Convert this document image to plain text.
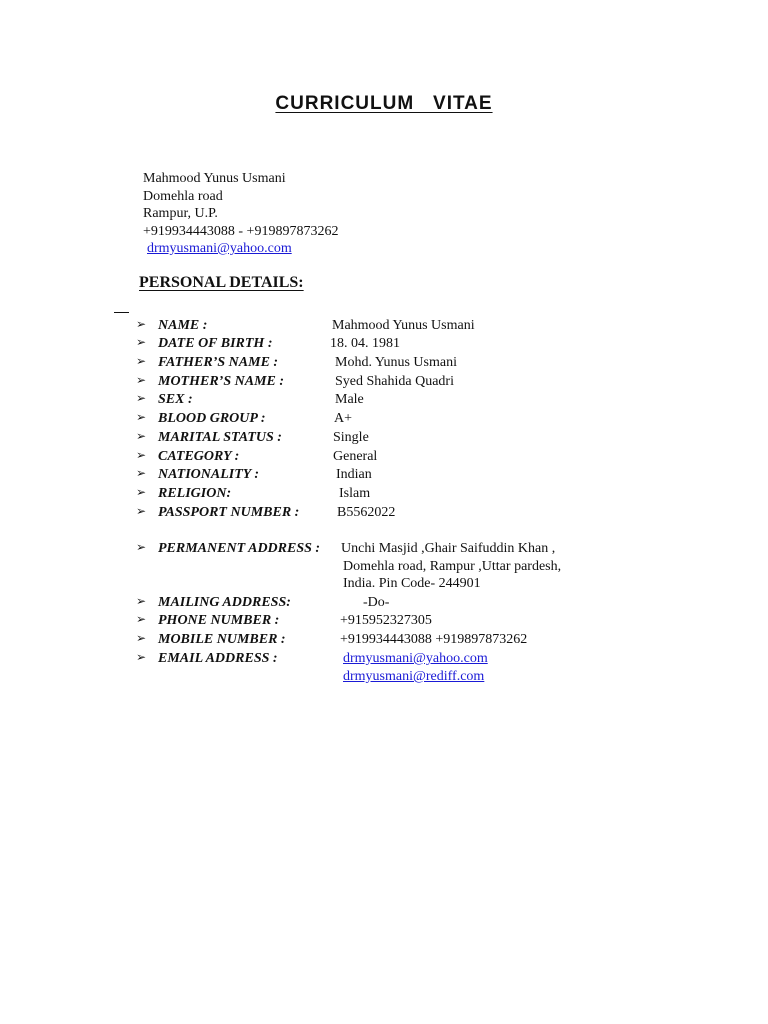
CURRICULUM   VITAE
Mahmood Yunus Usmani
Domehla road
Rampur, U.P.
+919934443088 - +919897873262
drmyusmani@yahoo.com
PERSONAL DETAILS:
➢ NAME :	Mahmood Yunus Usmani
➢ DATE OF BIRTH :	18. 04. 1981
➢ FATHER’S NAME :	Mohd. Yunus Usmani
➢ MOTHER’S NAME :	Syed Shahida Quadri
➢ SEX :	Male
➢ BLOOD GROUP :	A+
➢ MARITAL STATUS :	Single
➢ CATEGORY :	General
➢ NATIONALITY :	Indian
➢ RELIGION:	Islam
➢ PASSPORT NUMBER :	B5562022
➢ PERMANENT ADDRESS : Unchi Masjid ,Ghair Saifuddin Khan ,
Domehla road, Rampur ,Uttar pardesh,
India. Pin Code- 244901
➢ MAILING ADDRESS:	-Do-
➢ PHONE NUMBER :	+915952327305
➢ MOBILE NUMBER :	+919934443088 +919897873262
➢ EMAIL ADDRESS :	drmyusmani@yahoo.com
drmyusmani@rediff.com
